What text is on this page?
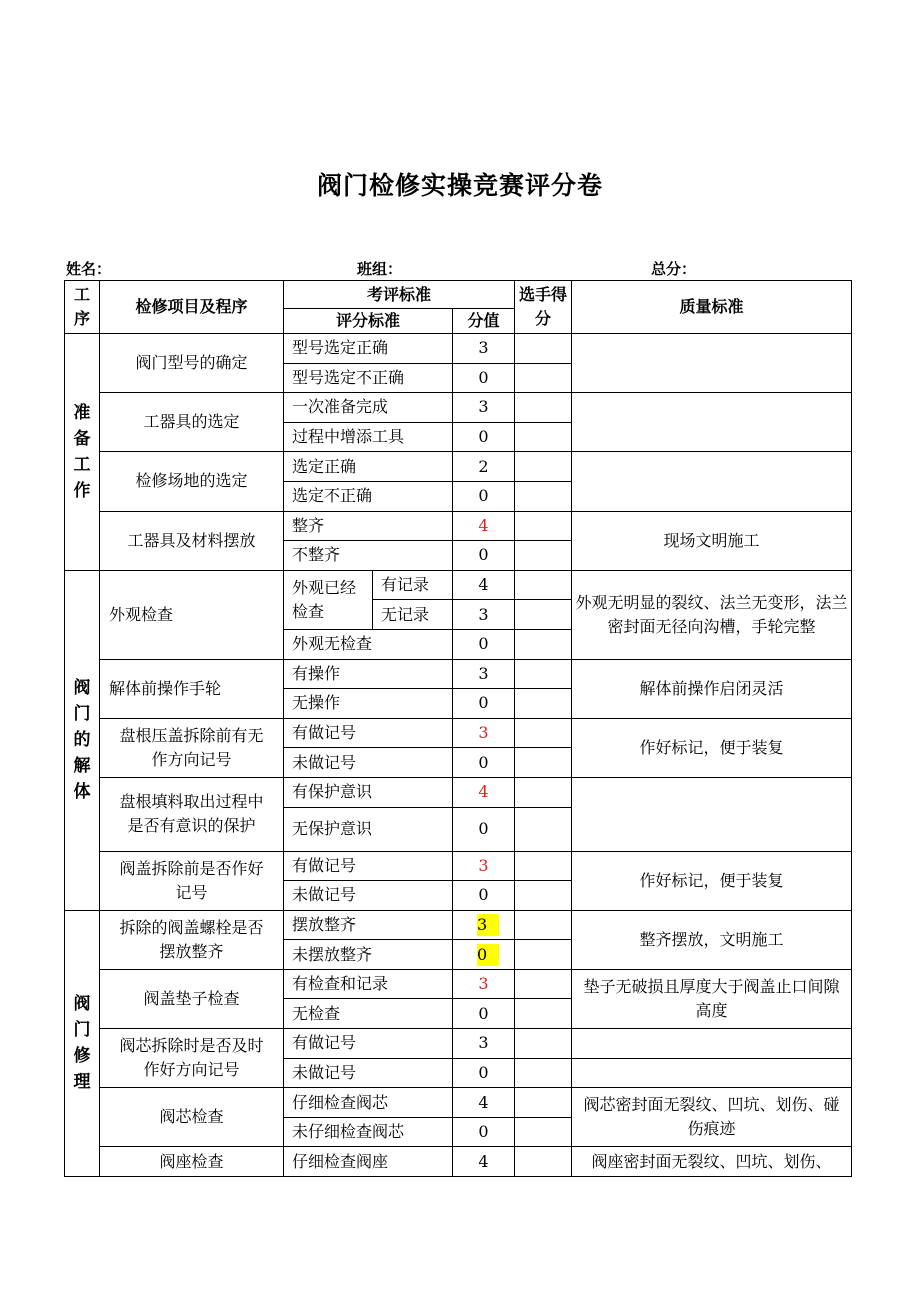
阀门检修实操竞赛评分卷
姓名：	班组：	总分：
工序	检修项目及程序	考评标准			选手得分	质量标准
		评分标准		分值		
准备工作	阀门型号的确定	型号选定正确		3		
		型号选定不正确		0		
	工器具的选定	一次准备完成		3		
		过程中增添工具		0		
	检修场地的选定	选定正确		2		
		选定不正确		0		
	工器具及材料摆放	整齐		4		现场文明施工
		不整齐		0		
阀门的解体	外观检查	外观已经检查	有记录	4		外观无明显的裂纹、法兰无变形，法兰密封面无径向沟槽，手轮完整
			无记录	3		
		外观无检查		0		
	解体前操作手轮	有操作		3		解体前操作启闭灵活
		无操作		0		
	盘根压盖拆除前有无作方向记号	有做记号		3		作好标记，便于装复
		未做记号		0		
	盘根填料取出过程中是否有意识的保护	有保护意识		4		
		无保护意识		0		
	阀盖拆除前是否作好记号	有做记号		3		作好标记，便于装复
		未做记号		0		
阀门修理	拆除的阀盖螺栓是否摆放整齐	摆放整齐		3		整齐摆放，文明施工
		未摆放整齐		0		
	阀盖垫子检查	有检查和记录		3		垫子无破损且厚度大于阀盖止口间隙高度
		无检查		0		
	阀芯拆除时是否及时作好方向记号	有做记号		3		
		未做记号		0		
	阀芯检查	仔细检查阀芯		4		阀芯密封面无裂纹、凹坑、划伤、碰伤痕迹
		未仔细检查阀芯		0		
	阀座检查	仔细检查阀座		4		阀座密封面无裂纹、凹坑、划伤、
